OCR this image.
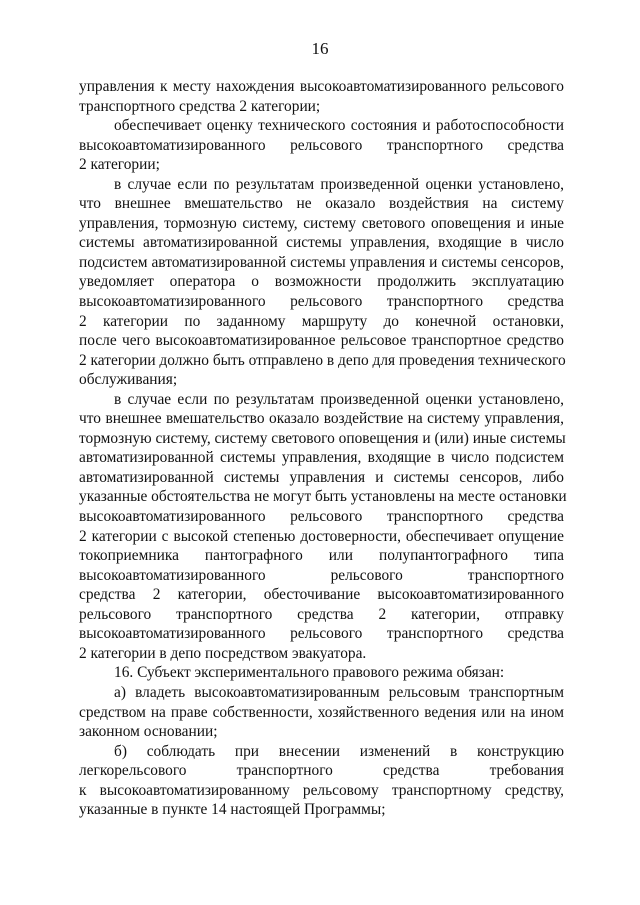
16
управления к месту нахождения высокоавтоматизированного рельсового
транспортного средства 2 категории;
обеспечивает оценку технического состояния и работоспособности
высокоавтоматизированного рельсового транспортного средства
2 категории;
в случае если по результатам произведенной оценки установлено,
что внешнее вмешательство не оказало воздействия на систему
управления, тормозную систему, систему светового оповещения и иные
системы автоматизированной системы управления, входящие в число
подсистем автоматизированной системы управления и системы сенсоров,
уведомляет оператора о возможности продолжить эксплуатацию
высокоавтоматизированного рельсового транспортного средства
2 категории по заданному маршруту до конечной остановки,
после чего высокоавтоматизированное рельсовое транспортное средство
2 категории должно быть отправлено в депо для проведения технического
обслуживания;
в случае если по результатам произведенной оценки установлено,
что внешнее вмешательство оказало воздействие на систему управления,
тормозную систему, систему светового оповещения и (или) иные системы
автоматизированной системы управления, входящие в число подсистем
автоматизированной системы управления и системы сенсоров, либо
указанные обстоятельства не могут быть установлены на месте остановки
высокоавтоматизированного рельсового транспортного средства
2 категории с высокой степенью достоверности, обеспечивает опущение
токоприемника пантографного или полупантографного типа
высокоавтоматизированного рельсового транспортного
средства 2 категории, обесточивание высокоавтоматизированного
рельсового транспортного средства 2 категории, отправку
высокоавтоматизированного рельсового транспортного средства
2 категории в депо посредством эвакуатора.
16. Субъект экспериментального правового режима обязан:
а) владеть высокоавтоматизированным рельсовым транспортным
средством на праве собственности, хозяйственного ведения или на ином
законном основании;
б) соблюдать при внесении изменений в конструкцию
легкорельсового транспортного средства требования
к высокоавтоматизированному рельсовому транспортному средству,
указанные в пункте 14 настоящей Программы;
